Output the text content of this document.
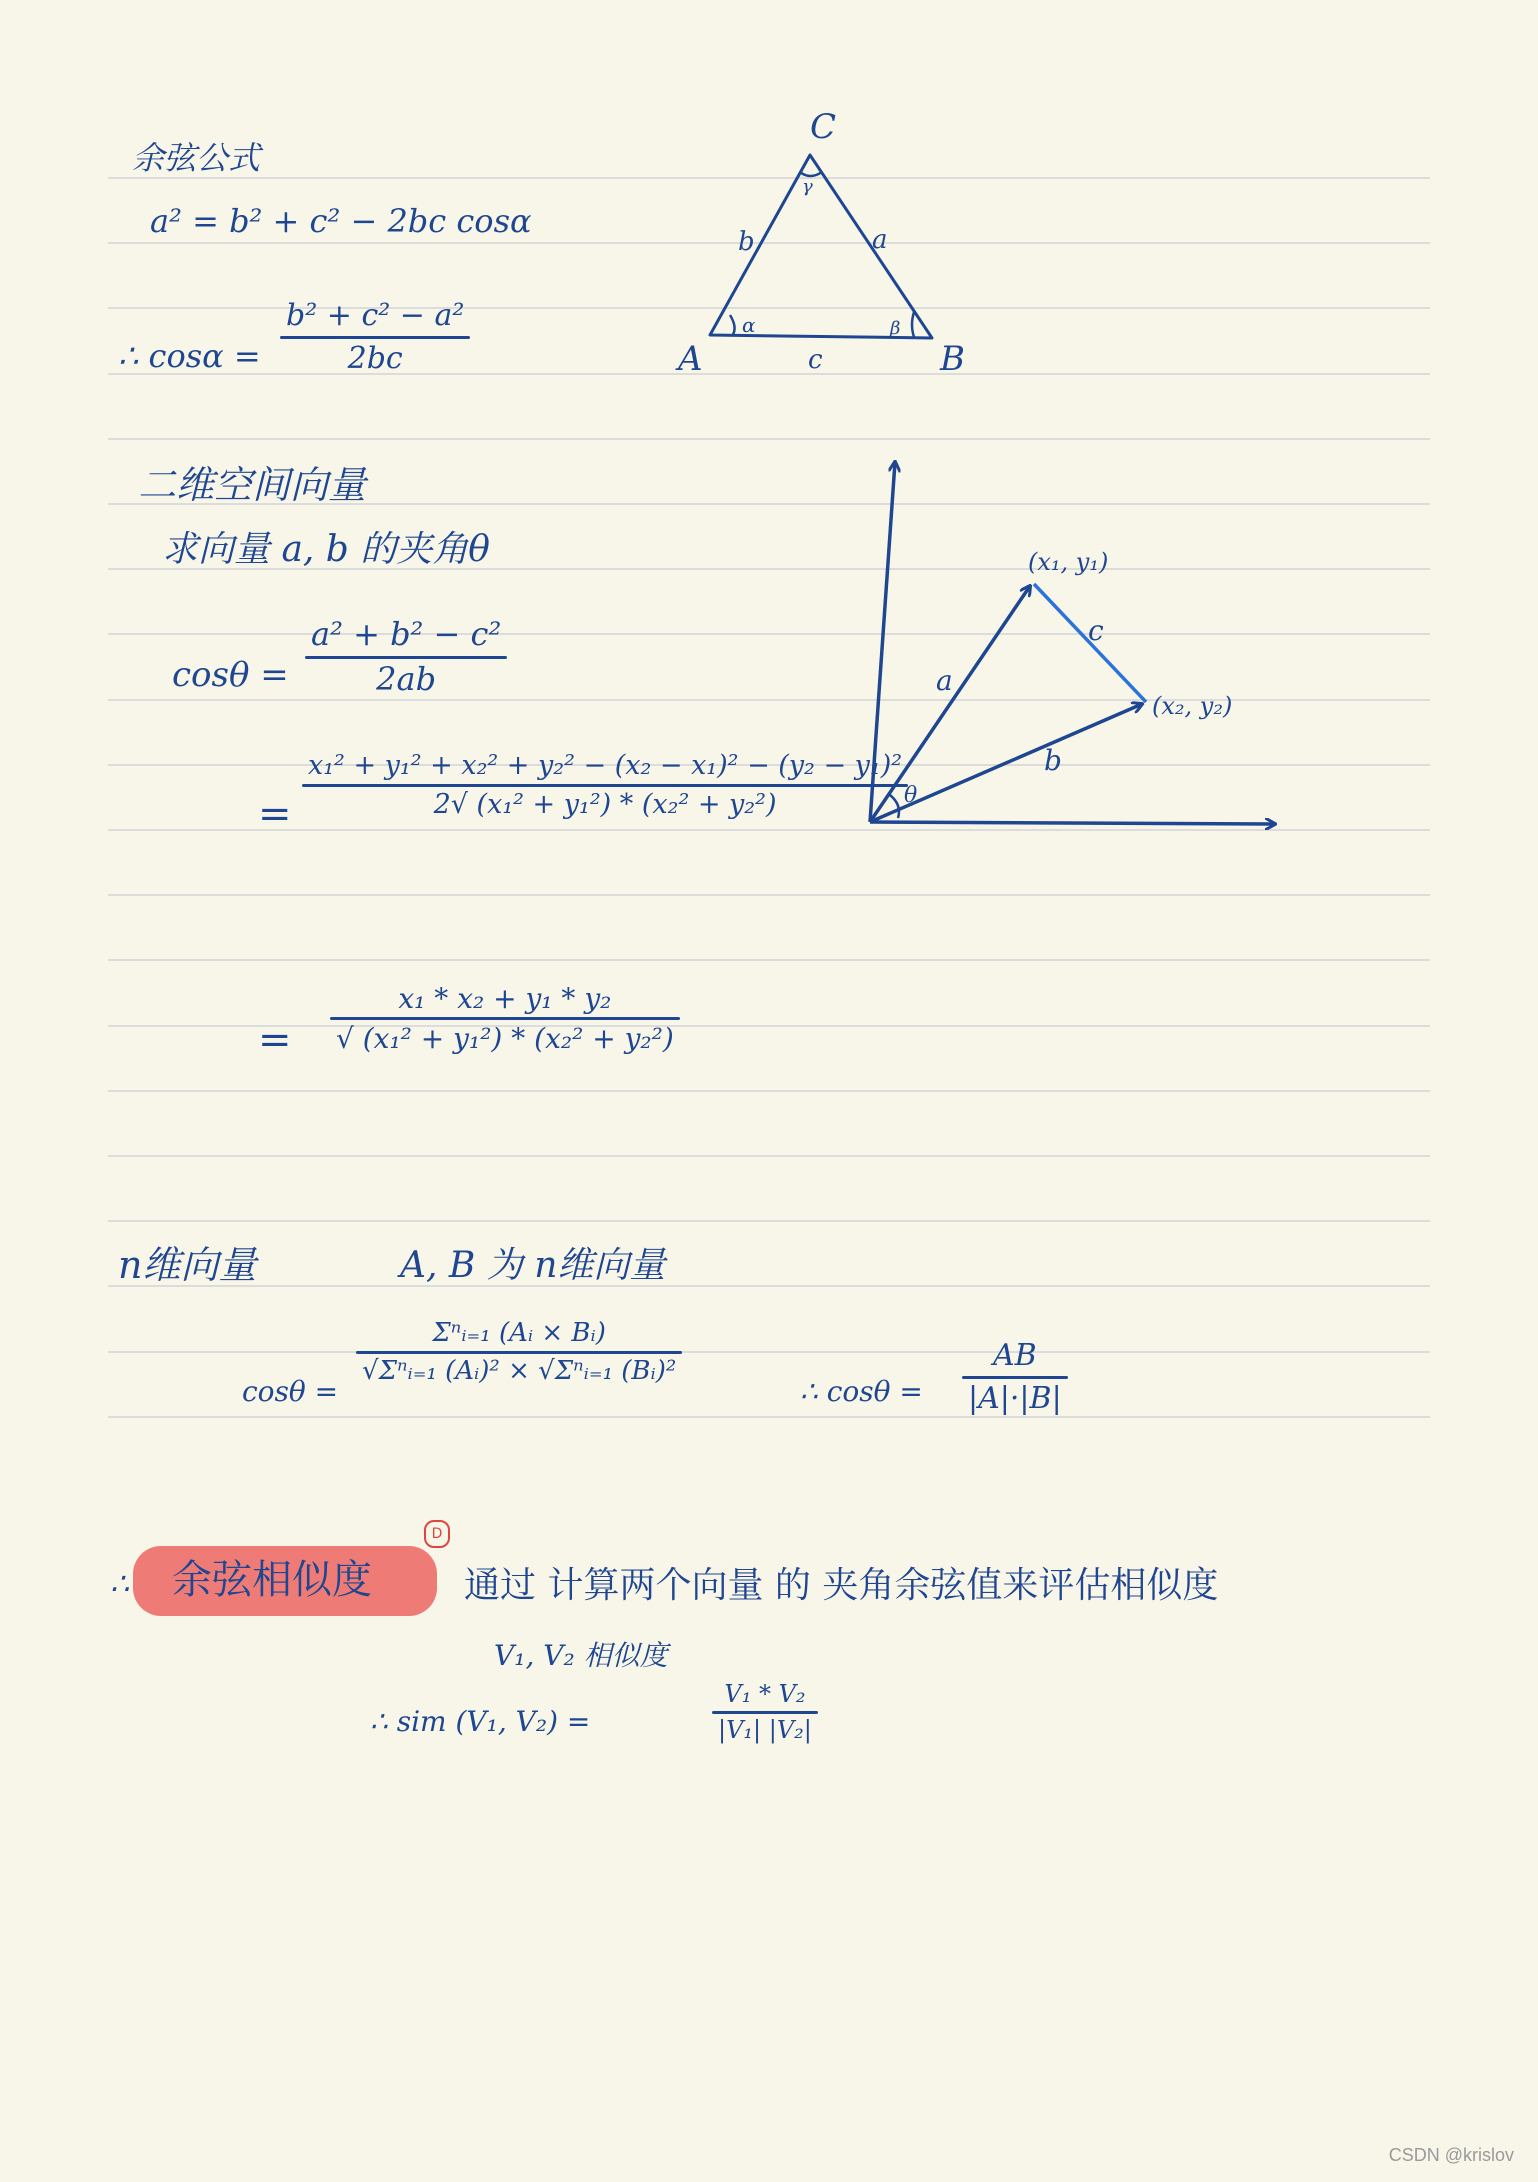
余弦公式
a² = b² + c² − 2bc cosα
∴ cosα =
b² + c² − a²
2bc
C
A	B
b	a
c
γ
α	β
二维空间向量
求向量 a, b 的夹角θ
cosθ =
a² + b² − c²
2ab
=
x₁² + y₁² + x₂² + y₂² − (x₂ − x₁)² − (y₂ − y₁)²
2√ (x₁² + y₁²) * (x₂² + y₂²)
=
x₁ * x₂ + y₁ * y₂
√ (x₁² + y₁²) * (x₂² + y₂²)
(x₁, y₁)
(x₂, y₂)
a
b
c
θ
n维向量	A, B 为 n维向量
cosθ =
Σⁿᵢ₌₁ (Aᵢ × Bᵢ)
√Σⁿᵢ₌₁ (Aᵢ)² × √Σⁿᵢ₌₁ (Bᵢ)²
∴ cosθ =
AB
|A|·|B|
∴ 余弦相似度
D
通过 计算两个向量 的 夹角余弦值来评估相似度
V₁, V₂ 相似度
∴ sim (V₁, V₂) =
V₁ * V₂
|V₁| |V₂|
CSDN @krislov
